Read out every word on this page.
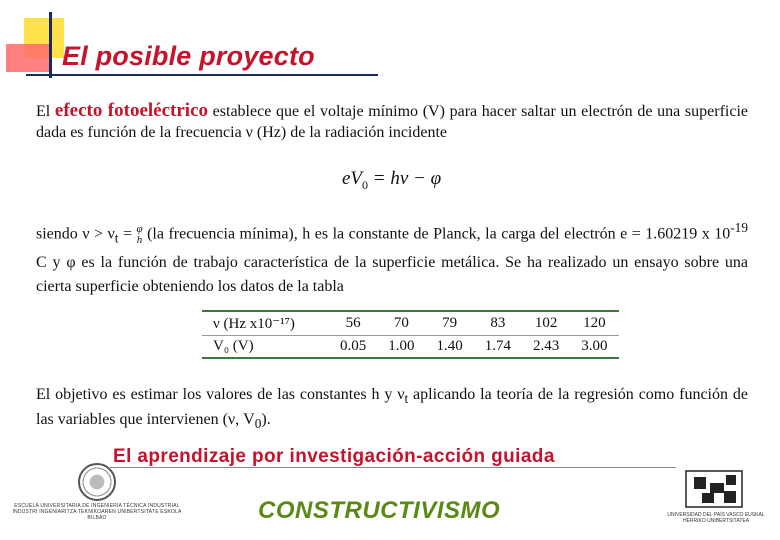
El posible proyecto
El efecto fotoeléctrico establece que el voltaje mínimo (V) para hacer saltar un electrón de una superficie dada es función de la frecuencia ν (Hz) de la radiación incidente
$eV_0 = h\nu - \varphi$
siendo $\nu > \nu_t = \varphi$
h (la frecuencia mínima), h es la constante de Planck, la carga del electrón e = 1.60219 x $10^{-19}$ C y φ es la función de trabajo característica de la superficie metálica. Se ha realizado un ensayo sobre una cierta superficie obteniendo los datos de la tabla
ν (Hz x10⁻¹⁷)	56	70	79	83	102	120
V₀ (V)	0.05	1.00	1.40	1.74	2.43	3.00
El objetivo es estimar los valores de las constantes h y $\nu_t$ aplicando la teoría de la regresión como función de las variables que intervienen (ν, $V_0$).
El aprendizaje por investigación-acción guiada
ESCUELA UNIVERSITARIA DE INGENIERÍA TÉCNICA INDUSTRIAL INDUSTRI INGENIARITZA TEKNIKOAREN UNIBERTSITATE ESKOLA BILBAO	CONSTRUCTIVISMO	UNIVERSIDAD DEL PAÍS VASCO EUSKAL HERRIKO UNIBERTSITATEA
